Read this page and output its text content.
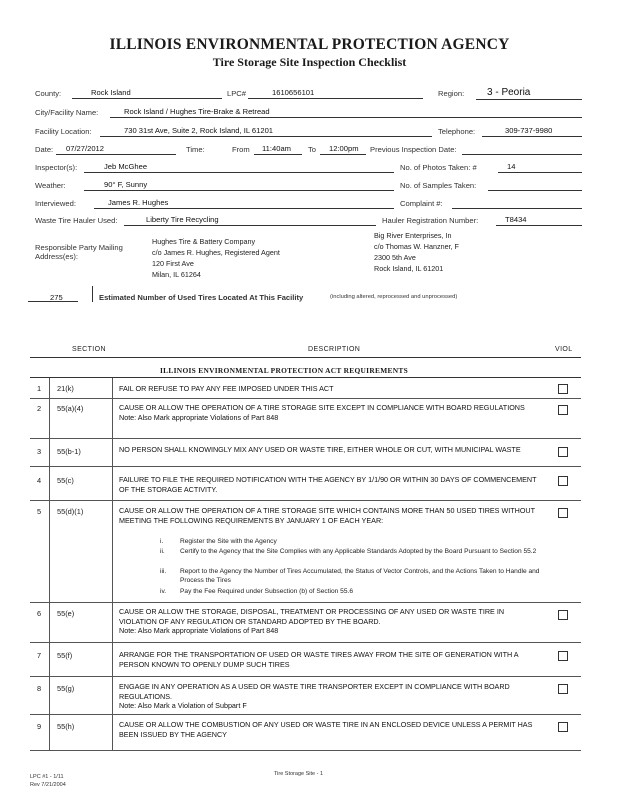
ILLINOIS ENVIRONMENTAL PROTECTION AGENCY
Tire Storage Site Inspection Checklist
County:	Rock Island	LPC#	1610656101	Region: 3 - Peoria
City/Facility Name:	Rock Island / Hughes Tire-Brake & Retread
Facility Location:	730 31st Ave, Suite 2, Rock Island, IL 61201	Telephone:	309-737-9980
Date: 07/27/2012	Time:	From 11:40am To 12:00pm Previous Inspection Date:
Inspector(s):	Jeb McGhee	No. of Photos Taken: #	14
Weather:	90° F, Sunny	No. of Samples Taken:
Interviewed:	James R. Hughes	Complaint #:
Waste Tire Hauler Used:	Liberty Tire Recycling	Hauler Registration Number:	T8434
Responsible Party Mailing
Address(es):
Hughes Tire & Battery Company
c/o James R. Hughes, Registered Agent
120 First Ave
Milan, IL 61264
Big River Enterprises, In
c/o Thomas W. Hanzner, F
2300 5th Ave
Rock Island, IL 61201
275	Estimated Number of Used Tires Located At This Facility	(including altered, reprocessed and unprocessed)
SECTION	DESCRIPTION	VIOL
ILLINOIS ENVIRONMENTAL PROTECTION ACT REQUIREMENTS
1	21(k)	FAIL OR REFUSE TO PAY ANY FEE IMPOSED UNDER THIS ACT
2	55(a)(4)	CAUSE OR ALLOW THE OPERATION OF A TIRE STORAGE SITE EXCEPT IN COMPLIANCE WITH BOARD REGULATIONS
Note: Also Mark appropriate Violations of Part 848
3	55(b-1)	NO PERSON SHALL KNOWINGLY MIX ANY USED OR WASTE TIRE, EITHER WHOLE OR CUT, WITH MUNICIPAL WASTE
4	55(c)	FAILURE TO FILE THE REQUIRED NOTIFICATION WITH THE AGENCY BY 1/1/90 OR WITHIN 30 DAYS OF COMMENCEMENT OF THE STORAGE ACTIVITY.
5	55(d)(1)	CAUSE OR ALLOW THE OPERATION OF A TIRE STORAGE SITE WHICH CONTAINS MORE THAN 50 USED TIRES WITHOUT MEETING THE FOLLOWING REQUIREMENTS BY JANUARY 1 OF EACH YEAR:
i.	Register the Site with the Agency
ii. Certify to the Agency that the Site Complies with any Applicable Standards Adopted by the Board Pursuant to Section 55.2
iii. Report to the Agency the Number of Tires Accumulated, the Status of Vector Controls, and the Actions Taken to Handle and Process the Tires
iv. Pay the Fee Required under Subsection (b) of Section 55.6
6	55(e)	CAUSE OR ALLOW THE STORAGE, DISPOSAL, TREATMENT OR PROCESSING OF ANY USED OR WASTE TIRE IN VIOLATION OF ANY REGULATION OR STANDARD ADOPTED BY THE BOARD.
Note: Also Mark appropriate Violations of Part 848
7	55(f)	ARRANGE FOR THE TRANSPORTATION OF USED OR WASTE TIRES AWAY FROM THE SITE OF GENERATION WITH A PERSON KNOWN TO OPENLY DUMP SUCH TIRES
8	55(g)	ENGAGE IN ANY OPERATION AS A USED OR WASTE TIRE TRANSPORTER EXCEPT IN COMPLIANCE WITH BOARD REGULATIONS.
Note: Also Mark a Violation of Subpart F
9	55(h)	CAUSE OR ALLOW THE COMBUSTION OF ANY USED OR WASTE TIRE IN AN ENCLOSED DEVICE UNLESS A PERMIT HAS BEEN ISSUED BY THE AGENCY
LPC #1 - 1/11
Rev 7/21/2004
Tire Storage Site - 1
